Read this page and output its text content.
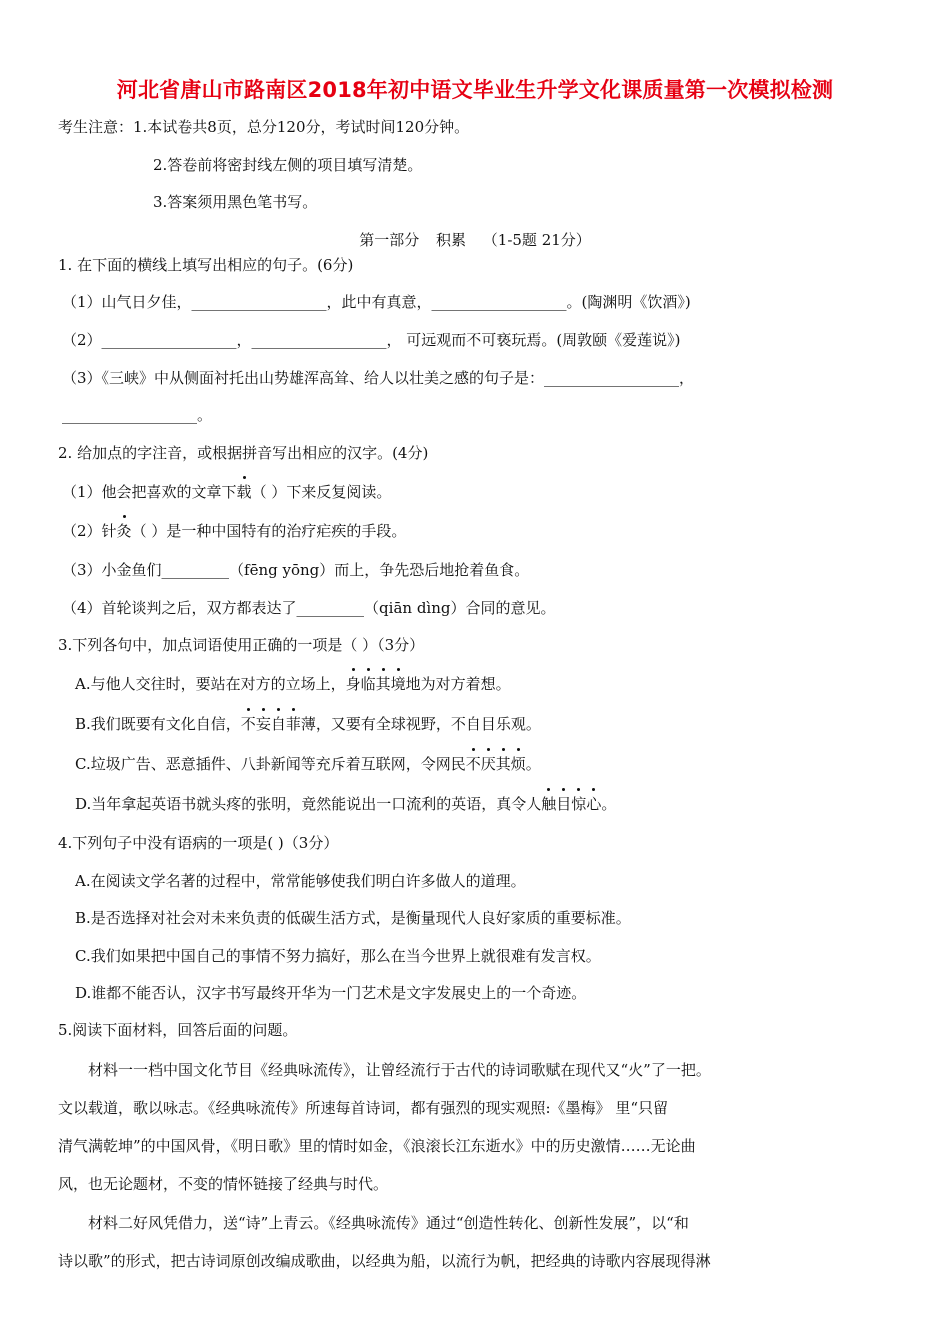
河北省唐山市路南区2018年初中语文毕业生升学文化课质量第一次模拟检测
考生注意：1.本试卷共8页，总分120分，考试时间120分钟。
2.答卷前将密封线左侧的项目填写清楚。
3.答案须用黑色笔书写。
第一部分 积累 （1-5题 21分）
1. 在下面的横线上填写出相应的句子。(6分)
（1）山气日夕佳，__________________，此中有真意，__________________。(陶渊明《饮酒》)
（2）__________________，__________________， 可远观而不可亵玩焉。(周敦颐《爱莲说》)
（3）《三峡》中从侧面衬托出山势雄浑高耸、给人以壮美之感的句子是：__________________，
__________________。
2. 给加点的字注音，或根据拼音写出相应的汉字。(4分)
（1）他会把喜欢的文章下载（ ）下来反复阅读。
（2）针灸（ ）是一种中国特有的治疗疟疾的手段。
（3）小金鱼们_________（fēng yōng）而上，争先恐后地抢着鱼食。
（4）首轮谈判之后，双方都表达了_________（qiān dìng）合同的意见。
3.下列各句中，加点词语使用正确的一项是（ ）（3分）
A.与他人交往时，要站在对方的立场上，身临其境地为对方着想。
B.我们既要有文化自信，不妄自菲薄，又要有全球视野，不自目乐观。
C.垃圾广告、恶意插件、八卦新闻等充斥着互联网，令网民不厌其烦。
D.当年拿起英语书就头疼的张明，竟然能说出一口流利的英语，真令人触目惊心。
4.下列句子中没有语病的一项是( )（3分）
A.在阅读文学名著的过程中，常常能够使我们明白许多做人的道理。
B.是否选择对社会对未来负责的低碳生活方式，是衡量现代人良好家质的重要标准。
C.我们如果把中国自己的事情不努力搞好，那么在当今世界上就很难有发言权。
D.谁都不能否认，汉字书写最终开华为一门艺术是文字发展史上的一个奇迹。
5.阅读下面材料，回答后面的问题。
材料一一档中国文化节目《经典咏流传》，让曾经流行于古代的诗词歌赋在现代又“火”了一把。
文以载道，歌以咏志。《经典咏流传》所速每首诗词，都有强烈的现实观照:《墨梅》 里“只留
清气满乾坤”的中国风骨，《明日歌》里的情时如金，《浪滚长江东逝水》中的历史激情……无论曲
风，也无论题材，不变的情怀链接了经典与时代。
材料二好风凭借力，送“诗”上青云。《经典咏流传》通过“创造性转化、创新性发展”，以“和
诗以歌”的形式，把古诗词原创改编成歌曲，以经典为船，以流行为帆，把经典的诗歌内容展现得淋
